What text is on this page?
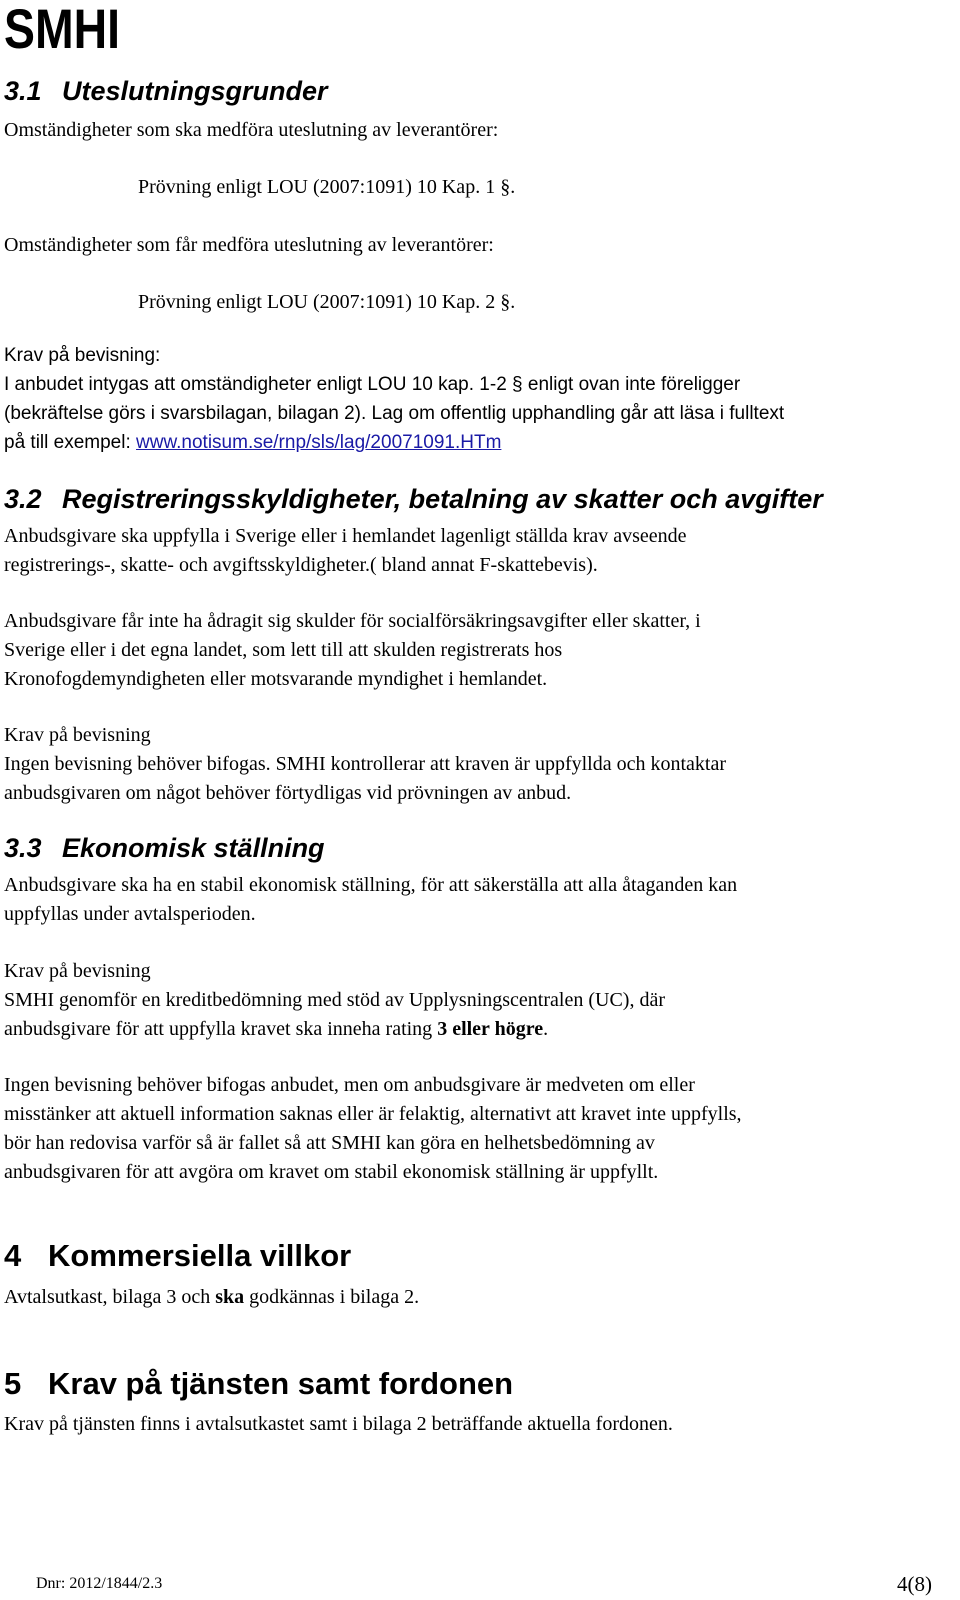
SMHI
3.1 Uteslutningsgrunder
Omständigheter som ska medföra uteslutning av leverantörer:
Prövning enligt LOU (2007:1091) 10 Kap. 1 §.
Omständigheter som får medföra uteslutning av leverantörer:
Prövning enligt LOU (2007:1091) 10 Kap. 2 §.
Krav på bevisning:
I anbudet intygas att omständigheter enligt LOU 10 kap. 1-2 § enligt ovan inte föreligger
(bekräftelse görs i svarsbilagan, bilagan 2). Lag om offentlig upphandling går att läsa i fulltext
på till exempel: www.notisum.se/rnp/sls/lag/20071091.HTm
3.2 Registreringsskyldigheter, betalning av skatter och avgifter
Anbudsgivare ska uppfylla i Sverige eller i hemlandet lagenligt ställda krav avseende
registrerings-, skatte- och avgiftsskyldigheter.( bland annat F-skattebevis).
Anbudsgivare får inte ha ådragit sig skulder för socialförsäkringsavgifter eller skatter, i
Sverige eller i det egna landet, som lett till att skulden registrerats hos
Kronofogdemyndigheten eller motsvarande myndighet i hemlandet.
Krav på bevisning
Ingen bevisning behöver bifogas. SMHI kontrollerar att kraven är uppfyllda och kontaktar
anbudsgivaren om något behöver förtydligas vid prövningen av anbud.
3.3 Ekonomisk ställning
Anbudsgivare ska ha en stabil ekonomisk ställning, för att säkerställa att alla åtaganden kan
uppfyllas under avtalsperioden.
Krav på bevisning
SMHI genomför en kreditbedömning med stöd av Upplysningscentralen (UC), där
anbudsgivare för att uppfylla kravet ska inneha rating 3 eller högre.
Ingen bevisning behöver bifogas anbudet, men om anbudsgivare är medveten om eller
misstänker att aktuell information saknas eller är felaktig, alternativt att kravet inte uppfylls,
bör han redovisa varför så är fallet så att SMHI kan göra en helhetsbedömning av
anbudsgivaren för att avgöra om kravet om stabil ekonomisk ställning är uppfyllt.
4 Kommersiella villkor
Avtalsutkast, bilaga 3 och ska godkännas i bilaga 2.
5 Krav på tjänsten samt fordonen
Krav på tjänsten finns i avtalsutkastet samt i bilaga 2 beträffande aktuella fordonen.
Dnr: 2012/1844/2.3	4(8)
